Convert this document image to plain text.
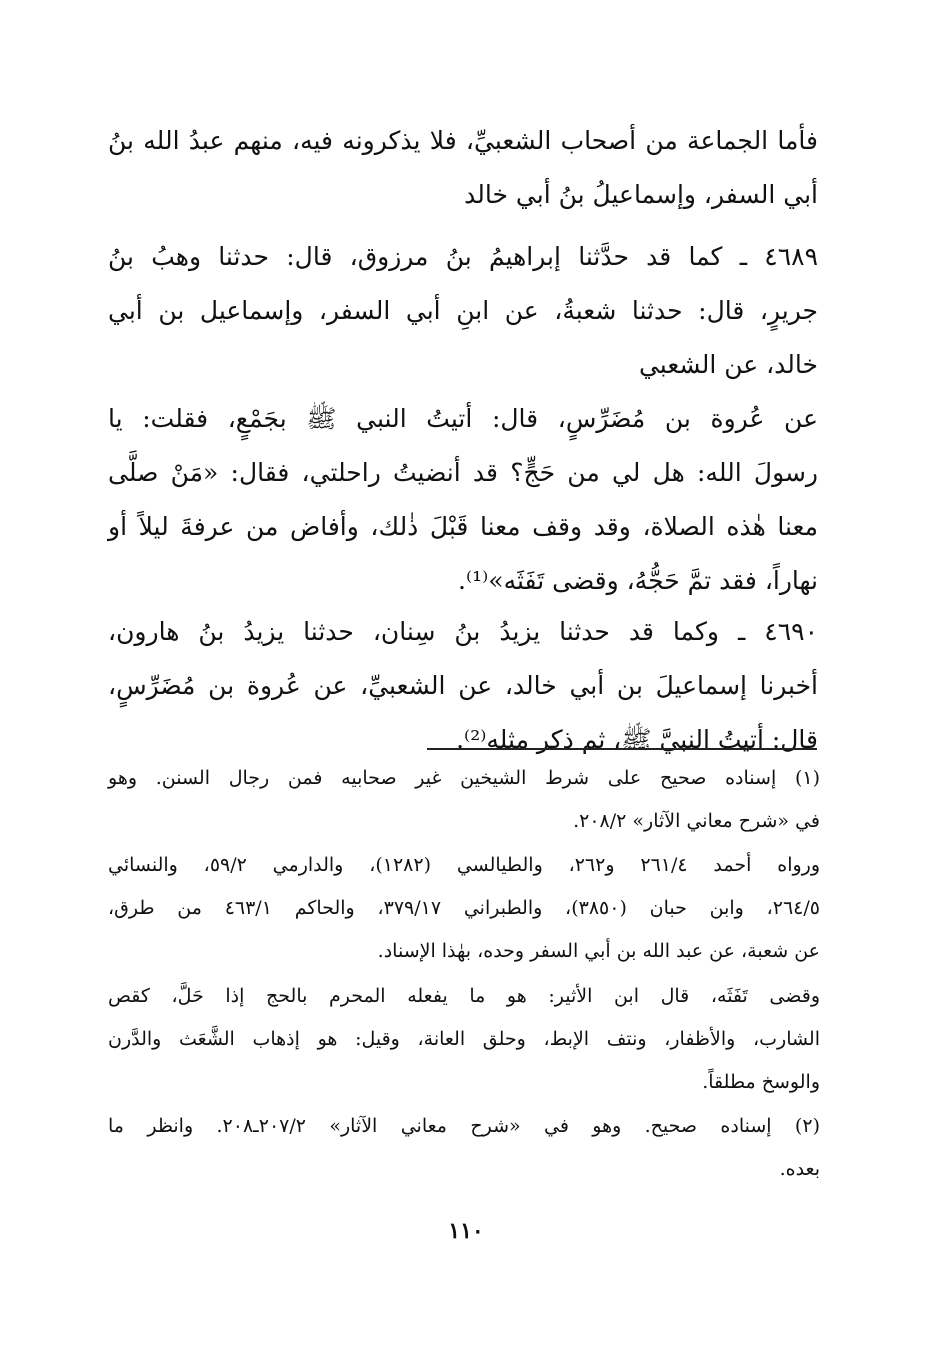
فأما الجماعة من أصحاب الشعبيِّ، فلا يذكرونه فيه، منهم عبدُ الله بنُ

أبي السفر، وإسماعيلُ بنُ أبي خالد

٤٦٨٩ ـ كما قد حدَّثنا إبراهيمُ بنُ مرزوق، قال: حدثنا وهبُ بنُ

جريرٍ، قال: حدثنا شعبةُ، عن ابنِ أبي السفر، وإسماعيل بن أبي

خالد، عن الشعبي

عن عُروة بن مُضَرِّسٍ، قال: أتيتُ النبي ﷺ بجَمْعٍ، فقلت: يا

رسولَ الله: هل لي من حَجٍّ؟ قد أنضيتُ راحلتي، فقال: «مَنْ صلَّى

معنا هٰذه الصلاة، وقد وقف معنا قَبْلَ ذٰلك، وأفاض من عرفةَ ليلاً أو

نهاراً، فقد تمَّ حَجُّهُ، وقضى تَفَثَه»⁽¹⁾.

٤٦٩٠ ـ وكما قد حدثنا يزيدُ بنُ سِنان، حدثنا يزيدُ بنُ هارون،

أخبرنا إسماعيلَ بن أبي خالد، عن الشعبيِّ، عن عُروة بن مُضَرِّسٍ،

قال: أتيتُ النبيَّ ﷺ، ثم ذكر مثله⁽²⁾.

(١) إسناده صحيح على شرط الشيخين غير صحابيه فمن رجال السنن. وهو

في «شرح معاني الآثار» ٢٠٨/٢.

ورواه أحمد ٢٦١/٤ و٢٦٢، والطيالسي (١٢٨٢)، والدارمي ٥٩/٢، والنسائي

٢٦٤/٥، وابن حبان (٣٨٥٠)، والطبراني ٣٧٩/١٧، والحاكم ٤٦٣/١ من طرق،

عن شعبة، عن عبد الله بن أبي السفر وحده، بهٰذا الإسناد.

وقضى تَفَثَه، قال ابن الأثير: هو ما يفعله المحرم بالحج إذا حَلَّ، كقص

الشارب، والأظفار، ونتف الإبط، وحلق العانة، وقيل: هو إذهاب الشَّعَث والدَّرن

والوسخ مطلقاً.

(٢) إسناده صحيح. وهو في «شرح معاني الآثار» ٢٠٧/٢ـ٢٠٨. وانظر ما

بعده.

١١٠
